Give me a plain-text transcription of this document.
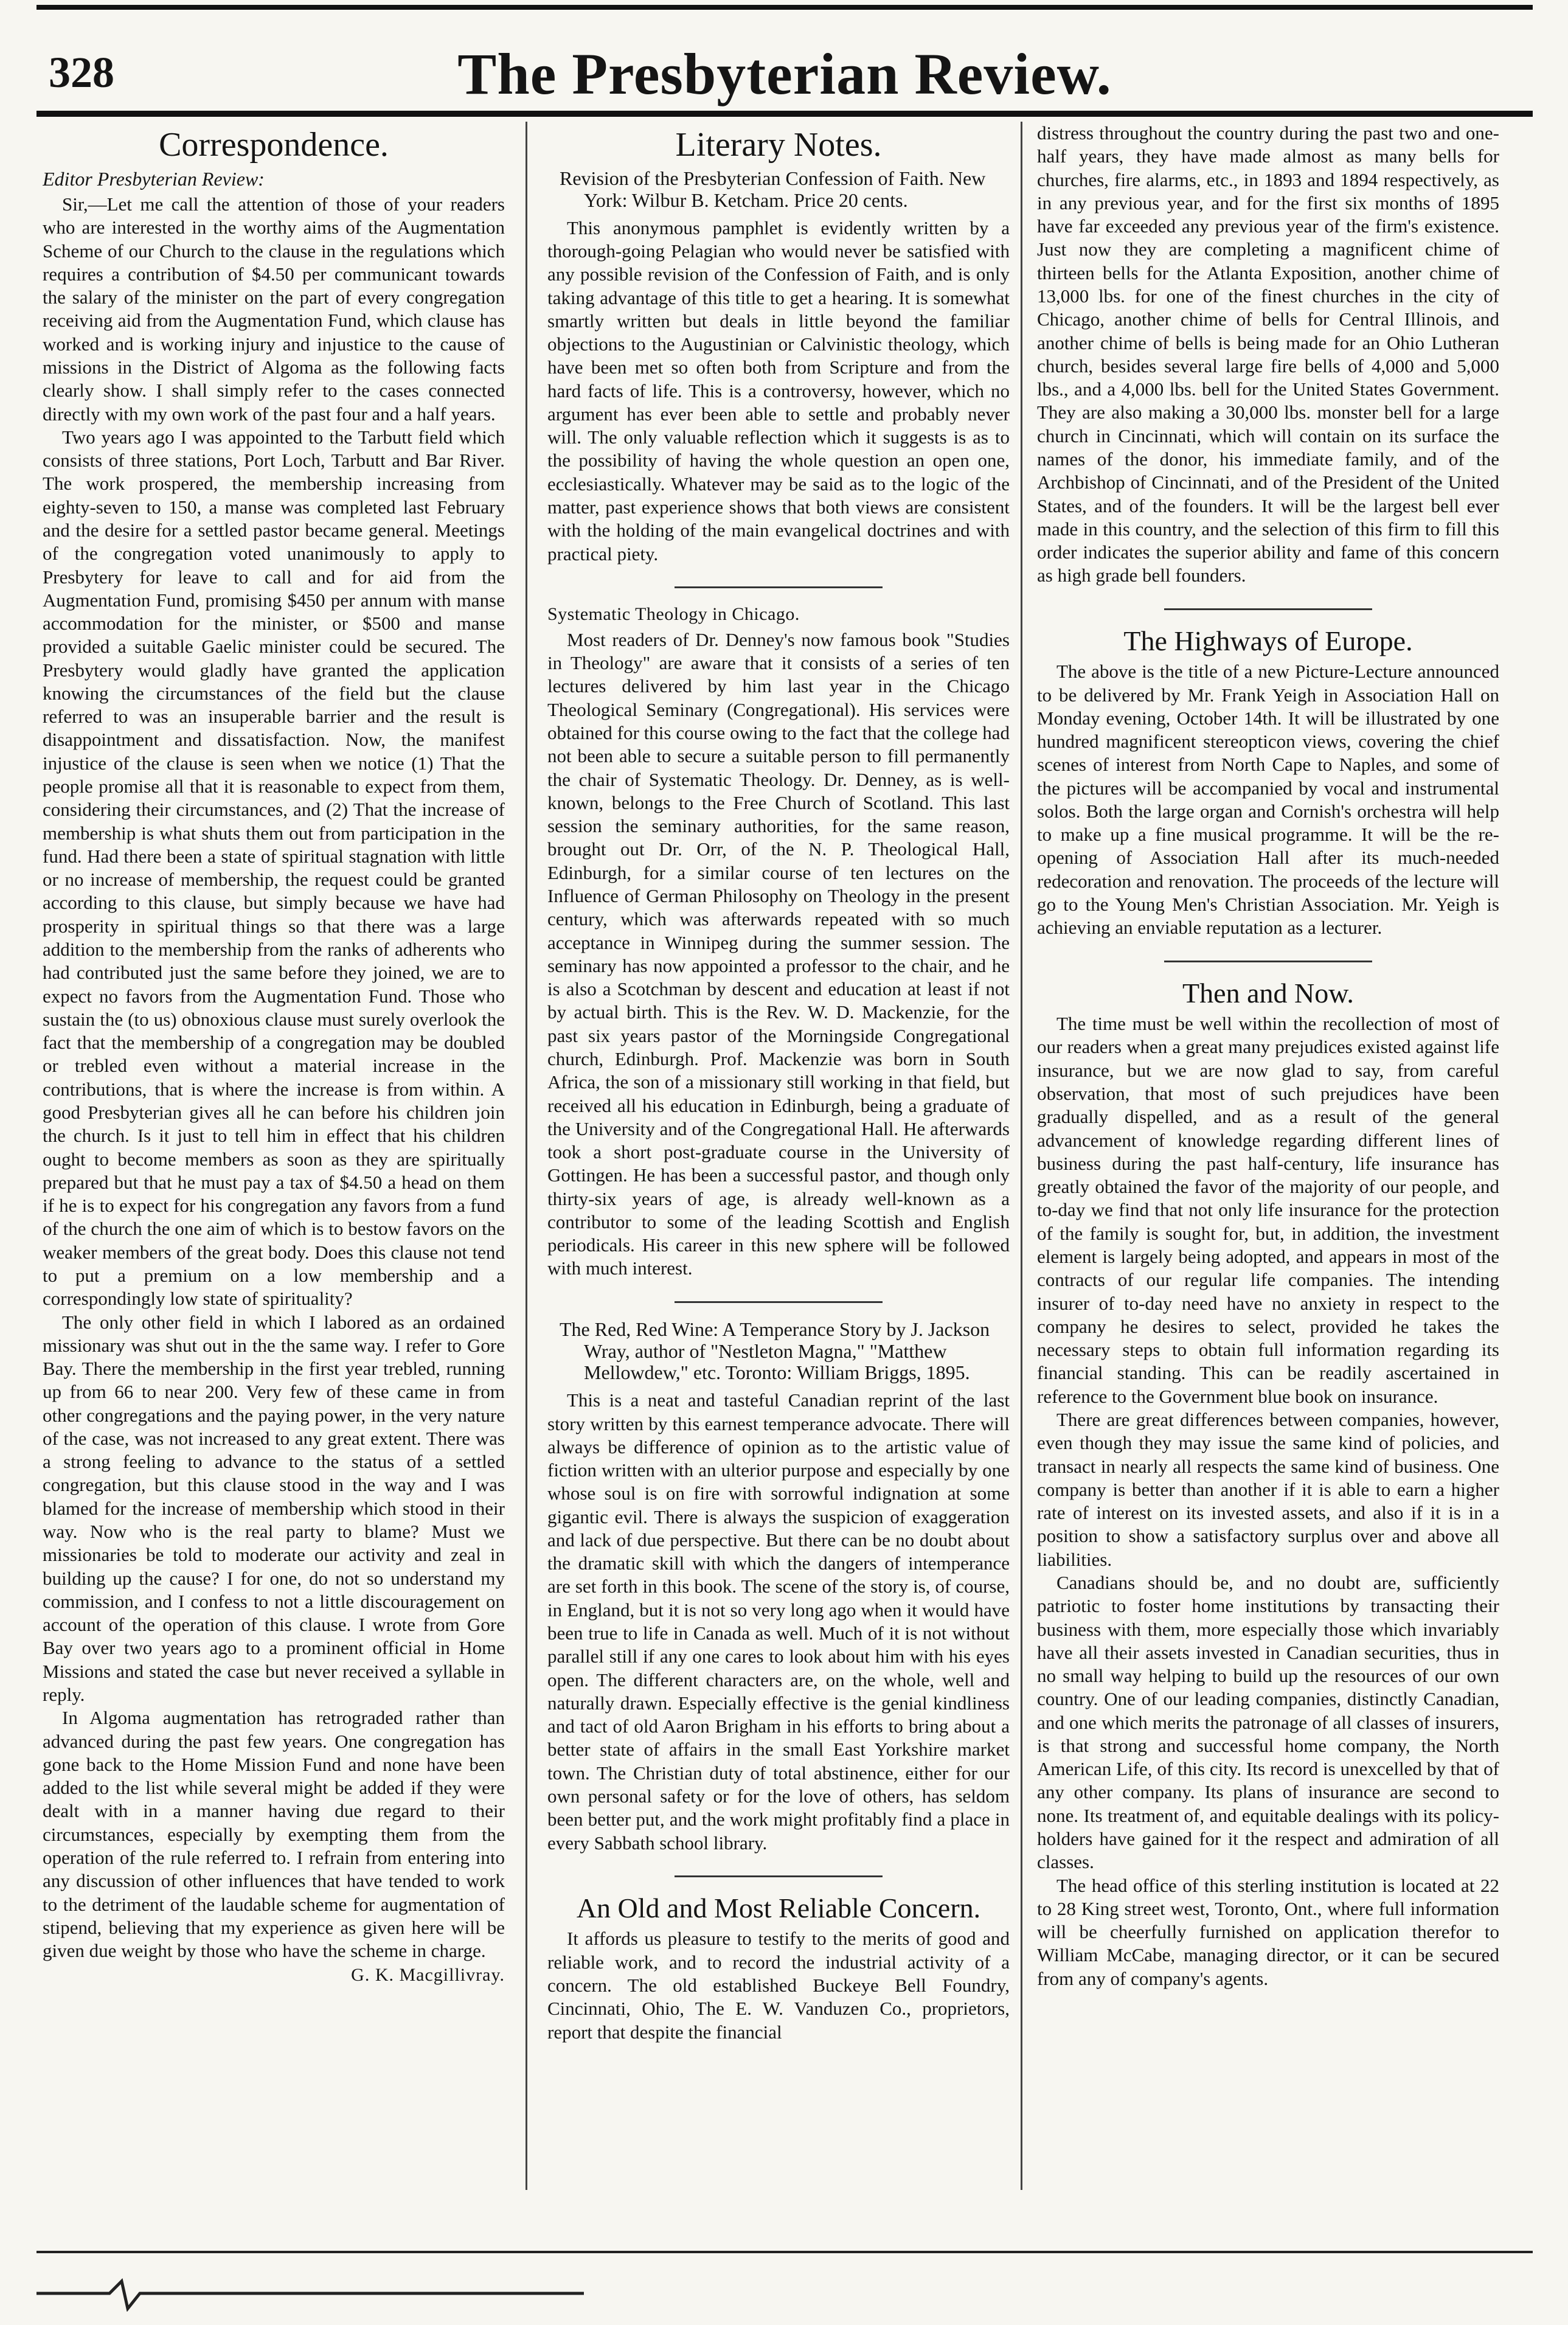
328	The Presbyterian Review.
Correspondence.
Editor Presbyterian Review:

Sir,—Let me call the attention of those of your readers who are interested in the worthy aims of the Augmentation Scheme of our Church to the clause in the regulations which requires a contribution of $4.50 per communicant towards the salary of the minister on the part of every congregation receiving aid from the Augmentation Fund, which clause has worked and is working injury and injustice to the cause of missions in the District of Algoma as the following facts clearly show. I shall simply refer to the cases connected directly with my own work of the past four and a half years.

Two years ago I was appointed to the Tarbutt field which consists of three stations, Port Loch, Tarbutt and Bar River. The work prospered, the membership increasing from eighty-seven to 150, a manse was completed last February and the desire for a settled pastor became general. Meetings of the congregation voted unanimously to apply to Presbytery for leave to call and for aid from the Augmentation Fund, promising $450 per annum with manse accommodation for the minister, or $500 and manse provided a suitable Gaelic minister could be secured. The Presbytery would gladly have granted the application knowing the circumstances of the field but the clause referred to was an insuperable barrier and the result is disappointment and dissatisfaction. Now, the manifest injustice of the clause is seen when we notice (1) That the people promise all that it is reasonable to expect from them, considering their circumstances, and (2) That the increase of membership is what shuts them out from participation in the fund. Had there been a state of spiritual stagnation with little or no increase of membership, the request could be granted according to this clause, but simply because we have had prosperity in spiritual things so that there was a large addition to the membership from the ranks of adherents who had contributed just the same before they joined, we are to expect no favors from the Augmentation Fund. Those who sustain the (to us) obnoxious clause must surely overlook the fact that the membership of a congregation may be doubled or trebled even without a material increase in the contributions, that is where the increase is from within. A good Presbyterian gives all he can before his children join the church. Is it just to tell him in effect that his children ought to become members as soon as they are spiritually prepared but that he must pay a tax of $4.50 a head on them if he is to expect for his congregation any favors from a fund of the church the one aim of which is to bestow favors on the weaker members of the great body. Does this clause not tend to put a premium on a low membership and a correspondingly low state of spirituality?

The only other field in which I labored as an ordained missionary was shut out in the the same way. I refer to Gore Bay. There the membership in the first year trebled, running up from 66 to near 200. Very few of these came in from other congregations and the paying power, in the very nature of the case, was not increased to any great extent. There was a strong feeling to advance to the status of a settled congregation, but this clause stood in the way and I was blamed for the increase of membership which stood in their way. Now who is the real party to blame? Must we missionaries be told to moderate our activity and zeal in building up the cause? I for one, do not so understand my commission, and I confess to not a little discouragement on account of the operation of this clause. I wrote from Gore Bay over two years ago to a prominent official in Home Missions and stated the case but never received a syllable in reply.

In Algoma augmentation has retrograded rather than advanced during the past few years. One congregation has gone back to the Home Mission Fund and none have been added to the list while several might be added if they were dealt with in a manner having due regard to their circumstances, especially by exempting them from the operation of the rule referred to. I refrain from entering into any discussion of other influences that have tended to work to the detriment of the laudable scheme for augmentation of stipend, believing that my experience as given here will be given due weight by those who have the scheme in charge.

G. K. Macgillivray.
Literary Notes.
Revision of the Presbyterian Confession of Faith. New York: Wilbur B. Ketcham. Price 20 cents.

This anonymous pamphlet is evidently written by a thorough-going Pelagian who would never be satisfied with any possible revision of the Confession of Faith, and is only taking advantage of this title to get a hearing. It is somewhat smartly written but deals in little beyond the familiar objections to the Augustinian or Calvinistic theology, which have been met so often both from Scripture and from the hard facts of life. This is a controversy, however, which no argument has ever been able to settle and probably never will. The only valuable reflection which it suggests is as to the possibility of having the whole question an open one, ecclesiastically. Whatever may be said as to the logic of the matter, past experience shows that both views are consistent with the holding of the main evangelical doctrines and with practical piety.

Systematic Theology in Chicago.

Most readers of Dr. Denney's now famous book "Studies in Theology" are aware that it consists of a series of ten lectures delivered by him last year in the Chicago Theological Seminary (Congregational). His services were obtained for this course owing to the fact that the college had not been able to secure a suitable person to fill permanently the chair of Systematic Theology. Dr. Denney, as is well-known, belongs to the Free Church of Scotland. This last session the seminary authorities, for the same reason, brought out Dr. Orr, of the N. P. Theological Hall, Edinburgh, for a similar course of ten lectures on the Influence of German Philosophy on Theology in the present century, which was afterwards repeated with so much acceptance in Winnipeg during the summer session. The seminary has now appointed a professor to the chair, and he is also a Scotchman by descent and education at least if not by actual birth. This is the Rev. W. D. Mackenzie, for the past six years pastor of the Morningside Congregational church, Edinburgh. Prof. Mackenzie was born in South Africa, the son of a missionary still working in that field, but received all his education in Edinburgh, being a graduate of the University and of the Congregational Hall. He afterwards took a short post-graduate course in the University of Gottingen. He has been a successful pastor, and though only thirty-six years of age, is already well-known as a contributor to some of the leading Scottish and English periodicals. His career in this new sphere will be followed with much interest.

The Red, Red Wine: A Temperance Story by J. Jackson Wray, author of "Nestleton Magna," "Matthew Mellowdew," etc. Toronto: William Briggs, 1895.

This is a neat and tasteful Canadian reprint of the last story written by this earnest temperance advocate. There will always be difference of opinion as to the artistic value of fiction written with an ulterior purpose and especially by one whose soul is on fire with sorrowful indignation at some gigantic evil. There is always the suspicion of exaggeration and lack of due perspective. But there can be no doubt about the dramatic skill with which the dangers of intemperance are set forth in this book. The scene of the story is, of course, in England, but it is not so very long ago when it would have been true to life in Canada as well. Much of it is not without parallel still if any one cares to look about him with his eyes open. The different characters are, on the whole, well and naturally drawn. Especially effective is the genial kindliness and tact of old Aaron Brigham in his efforts to bring about a better state of affairs in the small East Yorkshire market town. The Christian duty of total abstinence, either for our own personal safety or for the love of others, has seldom been better put, and the work might profitably find a place in every Sabbath school library.

An Old and Most Reliable Concern.

It affords us pleasure to testify to the merits of good and reliable work, and to record the industrial activity of a concern. The old established Buckeye Bell Foundry, Cincinnati, Ohio, The E. W. Vanduzen Co., proprietors, report that despite the financial

distress throughout the country during the past two and one-half years, they have made almost as many bells for churches, fire alarms, etc., in 1893 and 1894 respectively, as in any previous year, and for the first six months of 1895 have far exceeded any previous year of the firm's existence. Just now they are completing a magnificent chime of thirteen bells for the Atlanta Exposition, another chime of 13,000 lbs. for one of the finest churches in the city of Chicago, another chime of bells for Central Illinois, and another chime of bells is being made for an Ohio Lutheran church, besides several large fire bells of 4,000 and 5,000 lbs., and a 4,000 lbs. bell for the United States Government. They are also making a 30,000 lbs. monster bell for a large church in Cincinnati, which will contain on its surface the names of the donor, his immediate family, and of the Archbishop of Cincinnati, and of the President of the United States, and of the founders. It will be the largest bell ever made in this country, and the selection of this firm to fill this order indicates the superior ability and fame of this concern as high grade bell founders.

The Highways of Europe.

The above is the title of a new Picture-Lecture announced to be delivered by Mr. Frank Yeigh in Association Hall on Monday evening, October 14th. It will be illustrated by one hundred magnificent stereopticon views, covering the chief scenes of interest from North Cape to Naples, and some of the pictures will be accompanied by vocal and instrumental solos. Both the large organ and Cornish's orchestra will help to make up a fine musical programme. It will be the re-opening of Association Hall after its much-needed redecoration and renovation. The proceeds of the lecture will go to the Young Men's Christian Association. Mr. Yeigh is achieving an enviable reputation as a lecturer.

Then and Now.

The time must be well within the recollection of most of our readers when a great many prejudices existed against life insurance, but we are now glad to say, from careful observation, that most of such prejudices have been gradually dispelled, and as a result of the general advancement of knowledge regarding different lines of business during the past half-century, life insurance has greatly obtained the favor of the majority of our people, and to-day we find that not only life insurance for the protection of the family is sought for, but, in addition, the investment element is largely being adopted, and appears in most of the contracts of our regular life companies. The intending insurer of to-day need have no anxiety in respect to the company he desires to select, provided he takes the necessary steps to obtain full information regarding its financial standing. This can be readily ascertained in reference to the Government blue book on insurance.

There are great differences between companies, however, even though they may issue the same kind of policies, and transact in nearly all respects the same kind of business. One company is better than another if it is able to earn a higher rate of interest on its invested assets, and also if it is in a position to show a satisfactory surplus over and above all liabilities.

Canadians should be, and no doubt are, sufficiently patriotic to foster home institutions by transacting their business with them, more especially those which invariably have all their assets invested in Canadian securities, thus in no small way helping to build up the resources of our own country. One of our leading companies, distinctly Canadian, and one which merits the patronage of all classes of insurers, is that strong and successful home company, the North American Life, of this city. Its record is unexcelled by that of any other company. Its plans of insurance are second to none. Its treatment of, and equitable dealings with its policy-holders have gained for it the respect and admiration of all classes.

The head office of this sterling institution is located at 22 to 28 King street west, Toronto, Ont., where full information will be cheerfully furnished on application therefor to William McCabe, managing director, or it can be secured from any of company's agents.
